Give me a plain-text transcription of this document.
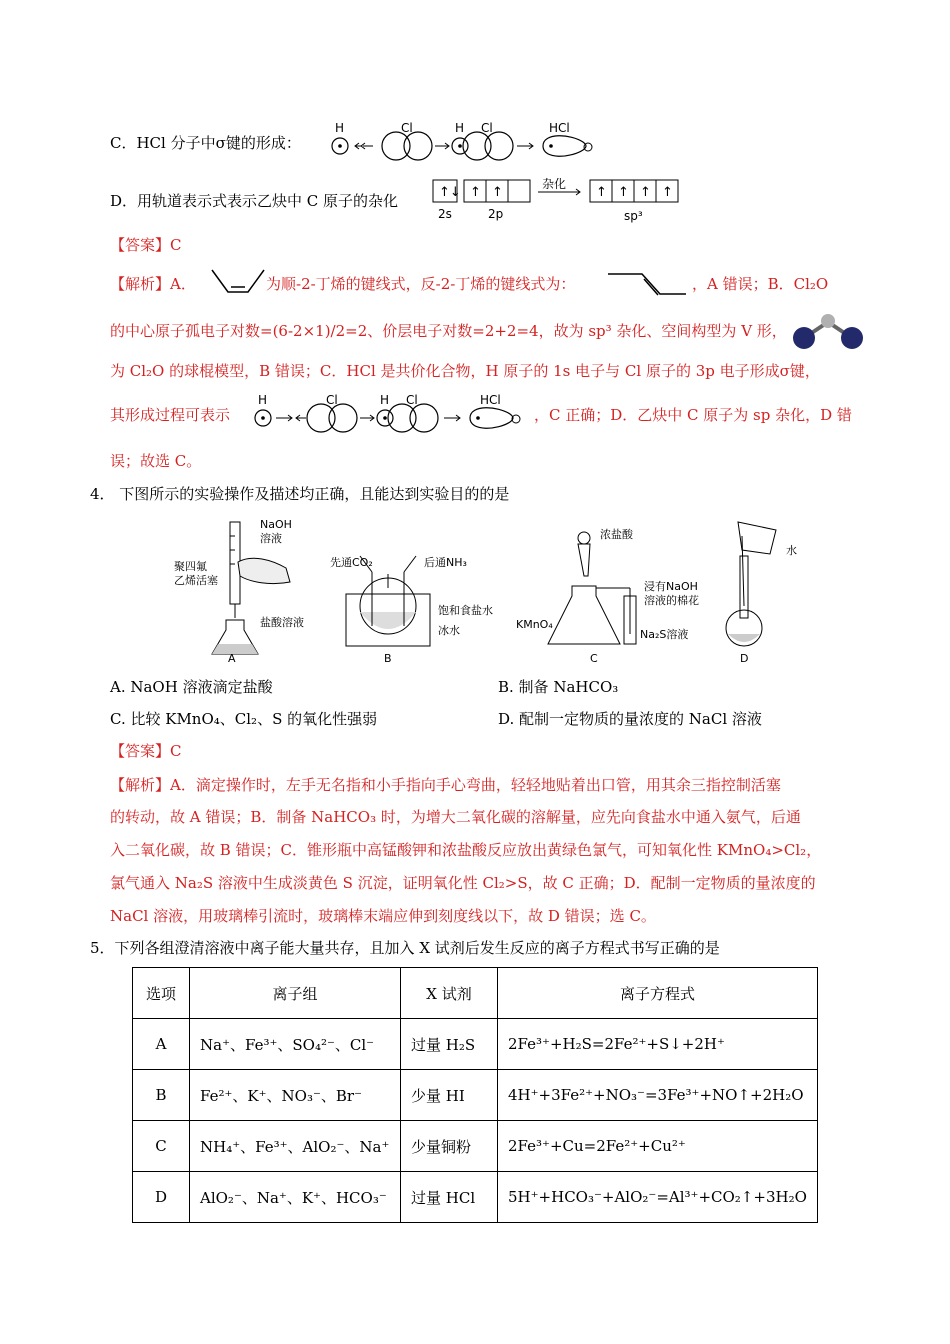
C．HCl 分子中σ键的形成：
H	Cl	H Cl	HCl
D．用轨道表示式表示乙炔中 C 原子的杂化	↑↓ ↑ ↑
2s	2p
杂化
↑ ↑ ↑ ↑
sp³
【答案】C
【解析】A．	为顺-2-丁烯的键线式，反-2-丁烯的键线式为：	，A 错误；B．Cl₂O
的中心原子孤电子对数=(6-2×1)/2=2、价层电子对数=2+2=4，故为 sp³ 杂化、空间构型为 V 形，
为 Cl₂O 的球棍模型，B 错误；C．HCl 是共价化合物，H 原子的 1s 电子与 Cl 原子的 3p 电子形成σ键，
其形成过程可表示
H	Cl	H Cl	HCl
，C 正确；D．乙炔中 C 原子为 sp 杂化，D 错
误；故选 C。
4． 下图所示的实验操作及描述均正确，且能达到实验目的的是
NaOH
溶液
聚四氟
乙烯活塞
盐酸溶液
A
先通CO₂	后通NH₃
饱和食盐水
冰水
B
浓盐酸
浸有NaOH
溶液的棉花
KMnO₄
Na₂S溶液
C
水
D
A. NaOH 溶液滴定盐酸	B. 制备 NaHCO₃
C. 比较 KMnO₄、Cl₂、S 的氧化性强弱	D. 配制一定物质的量浓度的 NaCl 溶液
【答案】C
【解析】A．滴定操作时，左手无名指和小手指向手心弯曲，轻轻地贴着出口管，用其余三指控制活塞
的转动，故 A 错误；B．制备 NaHCO₃ 时，为增大二氧化碳的溶解量，应先向食盐水中通入氨气，后通
入二氧化碳，故 B 错误；C．锥形瓶中高锰酸钾和浓盐酸反应放出黄绿色氯气，可知氧化性 KMnO₄>Cl₂，
氯气通入 Na₂S 溶液中生成淡黄色 S 沉淀，证明氧化性 Cl₂>S，故 C 正确；D．配制一定物质的量浓度的
NaCl 溶液，用玻璃棒引流时，玻璃棒末端应伸到刻度线以下，故 D 错误；选 C。
5．下列各组澄清溶液中离子能大量共存，且加入 X 试剂后发生反应的离子方程式书写正确的是
选项	离子组	X 试剂	离子方程式
A	Na⁺、Fe³⁺、SO₄²⁻、Cl⁻	过量 H₂S	2Fe³⁺+H₂S=2Fe²⁺+S↓+2H⁺
B	Fe²⁺、K⁺、NO₃⁻、Br⁻	少量 HI	4H⁺+3Fe²⁺+NO₃⁻=3Fe³⁺+NO↑+2H₂O
C	NH₄⁺、Fe³⁺、AlO₂⁻、Na⁺	少量铜粉	2Fe³⁺+Cu=2Fe²⁺+Cu²⁺
D	AlO₂⁻、Na⁺、K⁺、HCO₃⁻	过量 HCl	5H⁺+HCO₃⁻+AlO₂⁻=Al³⁺+CO₂↑+3H₂O
